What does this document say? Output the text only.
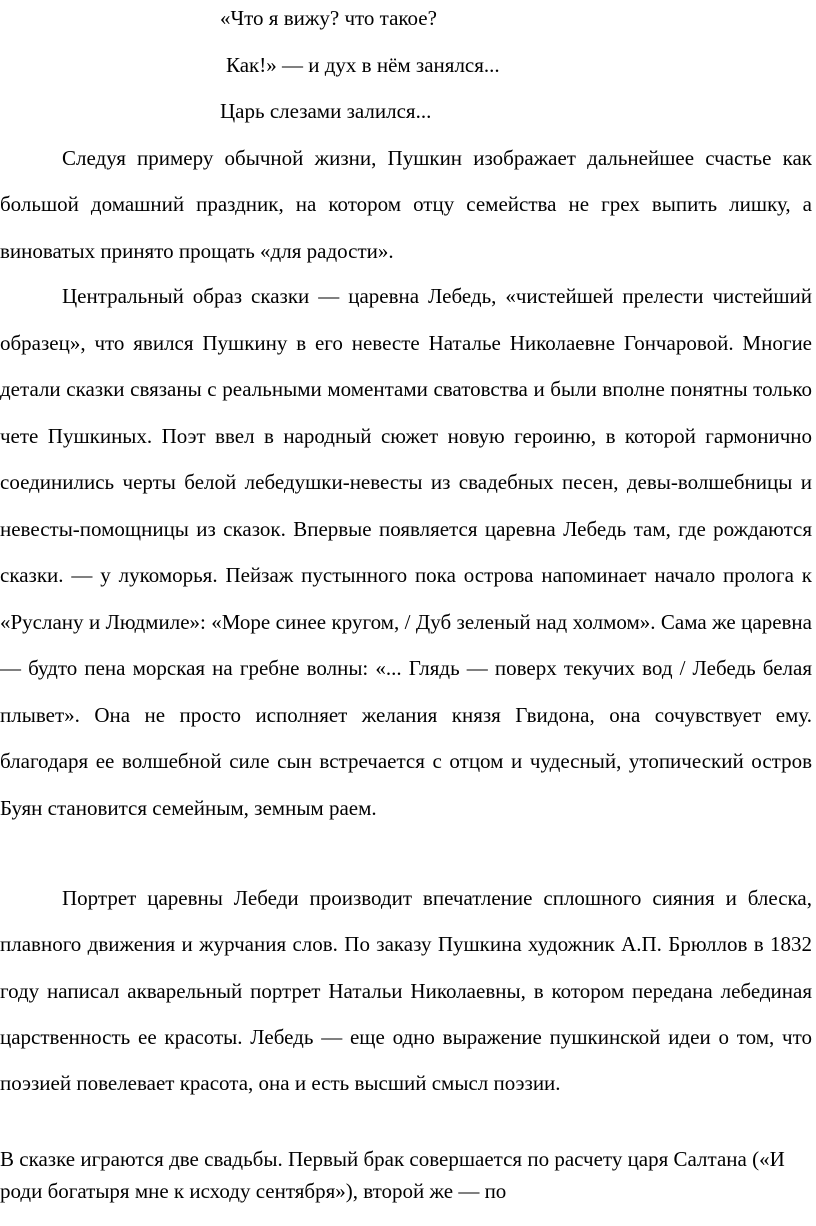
«Что я вижу? что такое?
Как!» — и дух в нём занялся...
Царь слезами залился...

Следуя примеру обычной жизни, Пушкин изображает дальнейшее счастье как большой домашний праздник, на котором отцу семейства не грех выпить лишку, а виноватых принято прощать «для радости».

Центральный образ сказки — царевна Лебедь, «чистейшей прелести чистейший образец», что явился Пушкину в его невесте Наталье Николаевне Гончаровой. Многие детали сказки связаны с реальными моментами сватовства и были вполне понятны только чете Пушкиных. Поэт ввел в народный сюжет новую героиню, в которой гармонично соединились черты белой лебедушки-невесты из свадебных песен, девы-волшебницы и невесты-помощницы из сказок. Впервые появляется царевна Лебедь там, где рождаются сказки. — у лукоморья. Пейзаж пустынного пока острова напоминает начало пролога к «Руслану и Людмиле»: «Море синее кругом, / Дуб зеленый над холмом». Сама же царевна — будто пена морская на гребне волны: «... Глядь — поверх текучих вод / Лебедь белая плывет». Она не просто исполняет желания князя Гвидона, она сочувствует ему. благодаря ее волшебной силе сын встречается с отцом и чудесный, утопический остров Буян становится семейным, земным раем.

Портрет царевны Лебеди производит впечатление сплошного сияния и блеска, плавного движения и журчания слов. По заказу Пушкина художник А.П. Брюллов в 1832 году написал акварельный портрет Натальи Николаевны, в котором передана лебединая царственность ее красоты. Лебедь — еще одно выражение пушкинской идеи о том, что поэзией повелевает красота, она и есть высший смысл поэзии.

В сказке играются две свадьбы. Первый брак совершается по расчету царя Салтана («И роди богатыря мне к исходу сентября»), второй же — по
